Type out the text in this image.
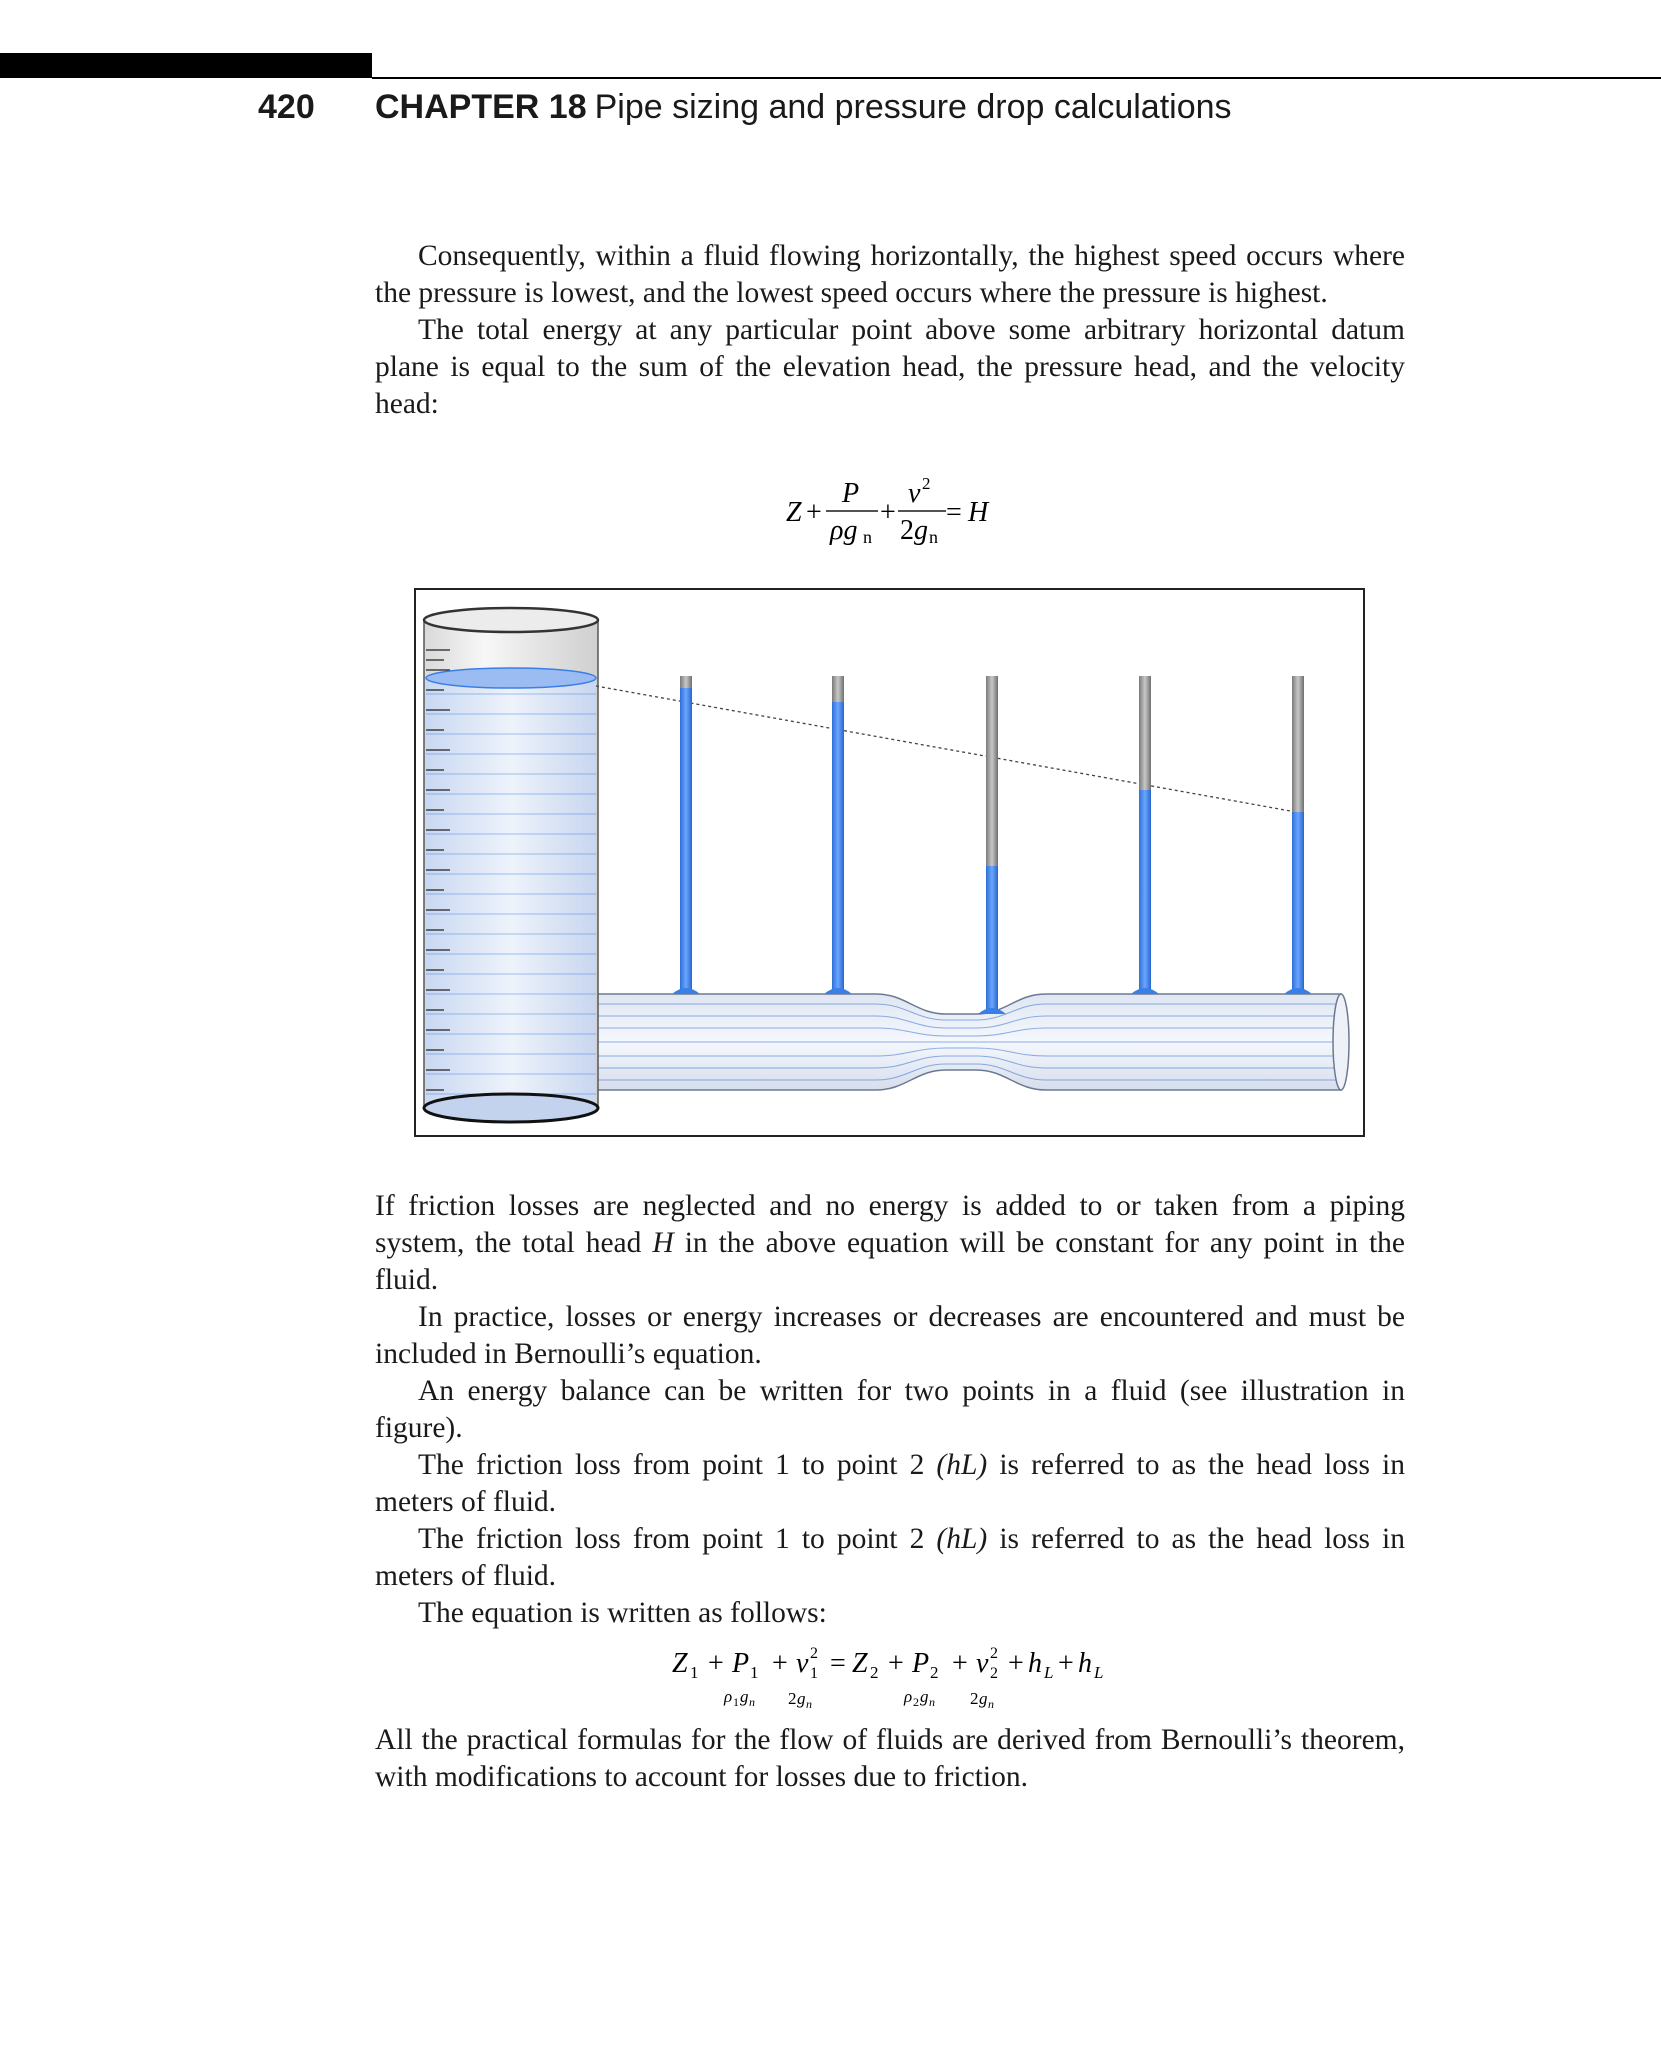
420 CHAPTER 18 Pipe sizing and pressure drop calculations

Consequently, within a fluid flowing horizontally, the highest speed occurs where the pressure is lowest, and the lowest speed occurs where the pressure is highest.

The total energy at any particular point above some arbitrary horizontal datum plane is equal to the sum of the elevation head, the pressure head, and the velocity head:

Z +
P
ρg n
+
v 2
2 g n
= H

If friction losses are neglected and no energy is added to or taken from a piping system, the total head H in the above equation will be constant for any point in the fluid.

In practice, losses or energy increases or decreases are encountered and must be included in Bernoulli’s equation.

An energy balance can be written for two points in a fluid (see illustration in figure).

The friction loss from point 1 to point 2 (hL) is referred to as the head loss in meters of fluid.

The friction loss from point 1 to point 2 (hL) is referred to as the head loss in meters of fluid.

The equation is written as follows:

Z 1 + P 1 + v 2
1 = Z 2 + P 2 + v 2
2 + h L + h L
ρ 1 g n 2 g n	ρ 2 g n 2 g n

All the practical formulas for the flow of fluids are derived from Bernoulli’s theorem, with modifications to account for losses due to friction.
